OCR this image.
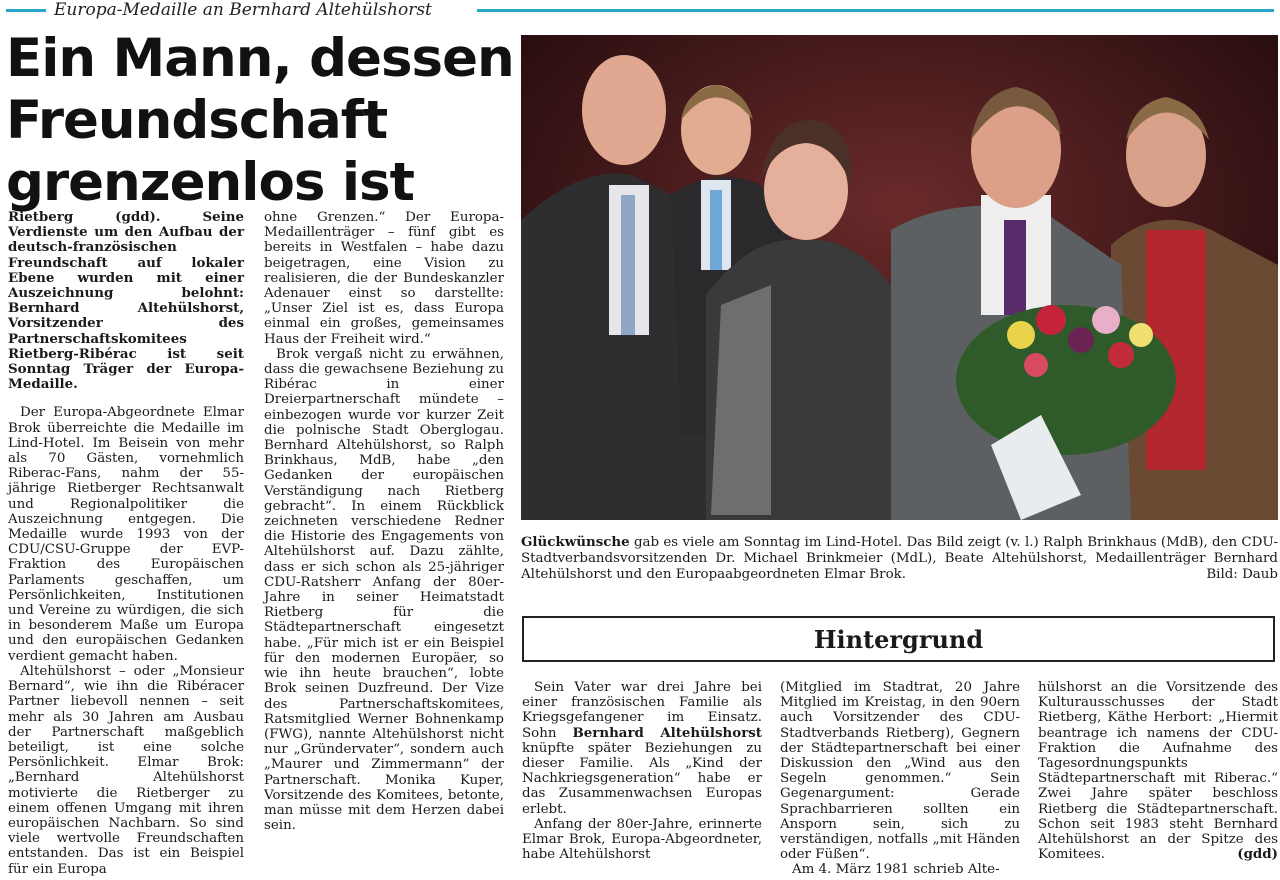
Europa-Medaille an Bernhard Altehülshorst
Ein Mann, dessen
Freundschaft
grenzenlos ist

Rietberg (gdd). Seine Verdienste um den Aufbau der deutsch-französischen Freundschaft auf lokaler Ebene wurden mit einer Auszeichnung belohnt: Bernhard Altehülshorst, Vorsitzender des Partnerschaftskomitees Rietberg-Ribérac ist seit Sonntag Träger der Europa-Medaille.

Der Europa-Abgeordnete Elmar Brok überreichte die Medaille im Lind-Hotel. Im Beisein von mehr als 70 Gästen, vornehmlich Riberac-Fans, nahm der 55-jährige Rietberger Rechtsanwalt und Regionalpolitiker die Auszeichnung entgegen. Die Medaille wurde 1993 von der CDU/CSU-Gruppe der EVP-Fraktion des Europäischen Parlaments geschaffen, um Persönlichkeiten, Institutionen und Vereine zu würdigen, die sich in besonderem Maße um Europa und den europäischen Gedanken verdient gemacht haben.

Altehülshorst – oder „Monsieur Bernard“, wie ihn die Ribéracer Partner liebevoll nennen – seit mehr als 30 Jahren am Ausbau der Partnerschaft maßgeblich beteiligt, ist eine solche Persönlichkeit. Elmar Brok: „Bernhard Altehülshorst motivierte die Rietberger zu einem offenen Umgang mit ihren europäischen Nachbarn. So sind viele wertvolle Freundschaften entstanden. Das ist ein Beispiel für ein Europa

ohne Grenzen.“ Der Europa-Medaillenträger – fünf gibt es bereits in Westfalen – habe dazu beigetragen, eine Vision zu realisieren, die der Bundeskanzler Adenauer einst so darstellte: „Unser Ziel ist es, dass Europa einmal ein großes, gemeinsames Haus der Freiheit wird.“

Brok vergaß nicht zu erwähnen, dass die gewachsene Beziehung zu Ribérac in einer Dreierpartnerschaft mündete – einbezogen wurde vor kurzer Zeit die polnische Stadt Oberglogau. Bernhard Altehülshorst, so Ralph Brinkhaus, MdB, habe „den Gedanken der europäischen Verständigung nach Rietberg gebracht“. In einem Rückblick zeichneten verschiedene Redner die Historie des Engagements von Altehülshorst auf. Dazu zählte, dass er sich schon als 25-jähriger CDU-Ratsherr Anfang der 80er-Jahre in seiner Heimatstadt Rietberg für die Städtepartnerschaft eingesetzt habe. „Für mich ist er ein Beispiel für den modernen Europäer, so wie ihn heute brauchen“, lobte Brok seinen Duzfreund. Der Vize des Partnerschaftskomitees, Ratsmitglied Werner Bohnenkamp (FWG), nannte Altehülshorst nicht nur „Gründervater“, sondern auch „Maurer und Zimmermann“ der Partnerschaft. Monika Kuper, Vorsitzende des Komitees, betonte, man müsse mit dem Herzen dabei sein.

Glückwünsche gab es viele am Sonntag im Lind-Hotel. Das Bild zeigt (v. l.) Ralph Brinkhaus (MdB), den CDU-Stadtverbandsvorsitzenden Dr. Michael Brinkmeier (MdL), Beate Altehülshorst, Medaillenträger Bernhard Altehülshorst und den Europaabgeordneten Elmar Brok.	Bild: Daub

Hintergrund

Sein Vater war drei Jahre bei einer französischen Familie als Kriegsgefangener im Einsatz. Sohn Bernhard Altehülshorst knüpfte später Beziehungen zu dieser Familie. Als „Kind der Nachkriegsgeneration“ habe er das Zusammenwachsen Europas erlebt.

Anfang der 80er-Jahre, erinnerte Elmar Brok, Europa-Abgeordneter, habe Altehülshorst

(Mitglied im Stadtrat, 20 Jahre Mitglied im Kreistag, in den 90ern auch Vorsitzender des CDU-Stadtverbands Rietberg), Gegnern der Städtepartnerschaft bei einer Diskussion den „Wind aus den Segeln genommen.“ Sein Gegenargument: Gerade Sprachbarrieren sollten ein Ansporn sein, sich zu verständigen, notfalls „mit Händen oder Füßen“.

Am 4. März 1981 schrieb Alte-

hülshorst an die Vorsitzende des Kulturausschusses der Stadt Rietberg, Käthe Herbort: „Hiermit beantrage ich namens der CDU-Fraktion die Aufnahme des Tagesordnungspunkts Städtepartnerschaft mit Riberac.“ Zwei Jahre später beschloss Rietberg die Städtepartnerschaft. Schon seit 1983 steht Bernhard Altehülshorst an der Spitze des Komitees.	(gdd)
